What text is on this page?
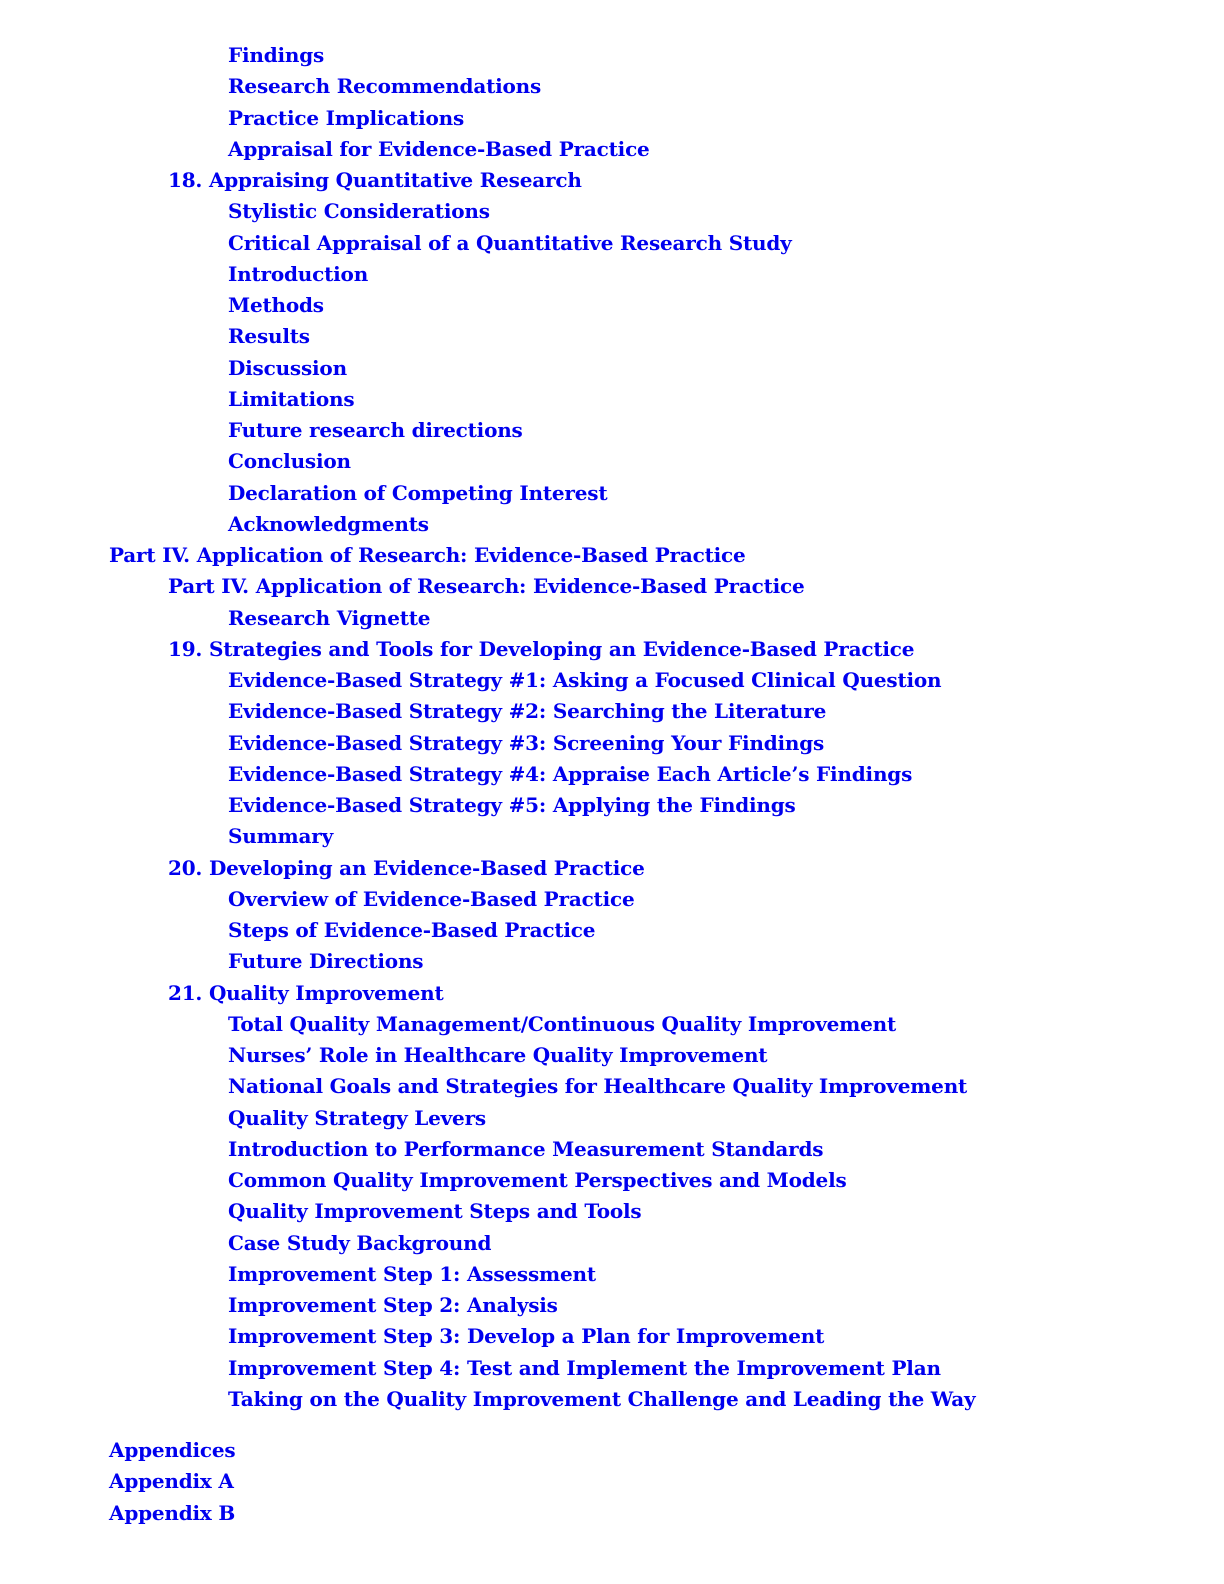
Findings
Research Recommendations
Practice Implications
Appraisal for Evidence-Based Practice
18. Appraising Quantitative Research
Stylistic Considerations
Critical Appraisal of a Quantitative Research Study
Introduction
Methods
Results
Discussion
Limitations
Future research directions
Conclusion
Declaration of Competing Interest
Acknowledgments
Part IV. Application of Research: Evidence-Based Practice
Part IV. Application of Research: Evidence-Based Practice
Research Vignette
19. Strategies and Tools for Developing an Evidence-Based Practice
Evidence-Based Strategy #1: Asking a Focused Clinical Question
Evidence-Based Strategy #2: Searching the Literature
Evidence-Based Strategy #3: Screening Your Findings
Evidence-Based Strategy #4: Appraise Each Article’s Findings
Evidence-Based Strategy #5: Applying the Findings
Summary
20. Developing an Evidence-Based Practice
Overview of Evidence-Based Practice
Steps of Evidence-Based Practice
Future Directions
21. Quality Improvement
Total Quality Management/Continuous Quality Improvement
Nurses’ Role in Healthcare Quality Improvement
National Goals and Strategies for Healthcare Quality Improvement
Quality Strategy Levers
Introduction to Performance Measurement Standards
Common Quality Improvement Perspectives and Models
Quality Improvement Steps and Tools
Case Study Background
Improvement Step 1: Assessment
Improvement Step 2: Analysis
Improvement Step 3: Develop a Plan for Improvement
Improvement Step 4: Test and Implement the Improvement Plan
Taking on the Quality Improvement Challenge and Leading the Way
Appendices
Appendix A
Appendix B
